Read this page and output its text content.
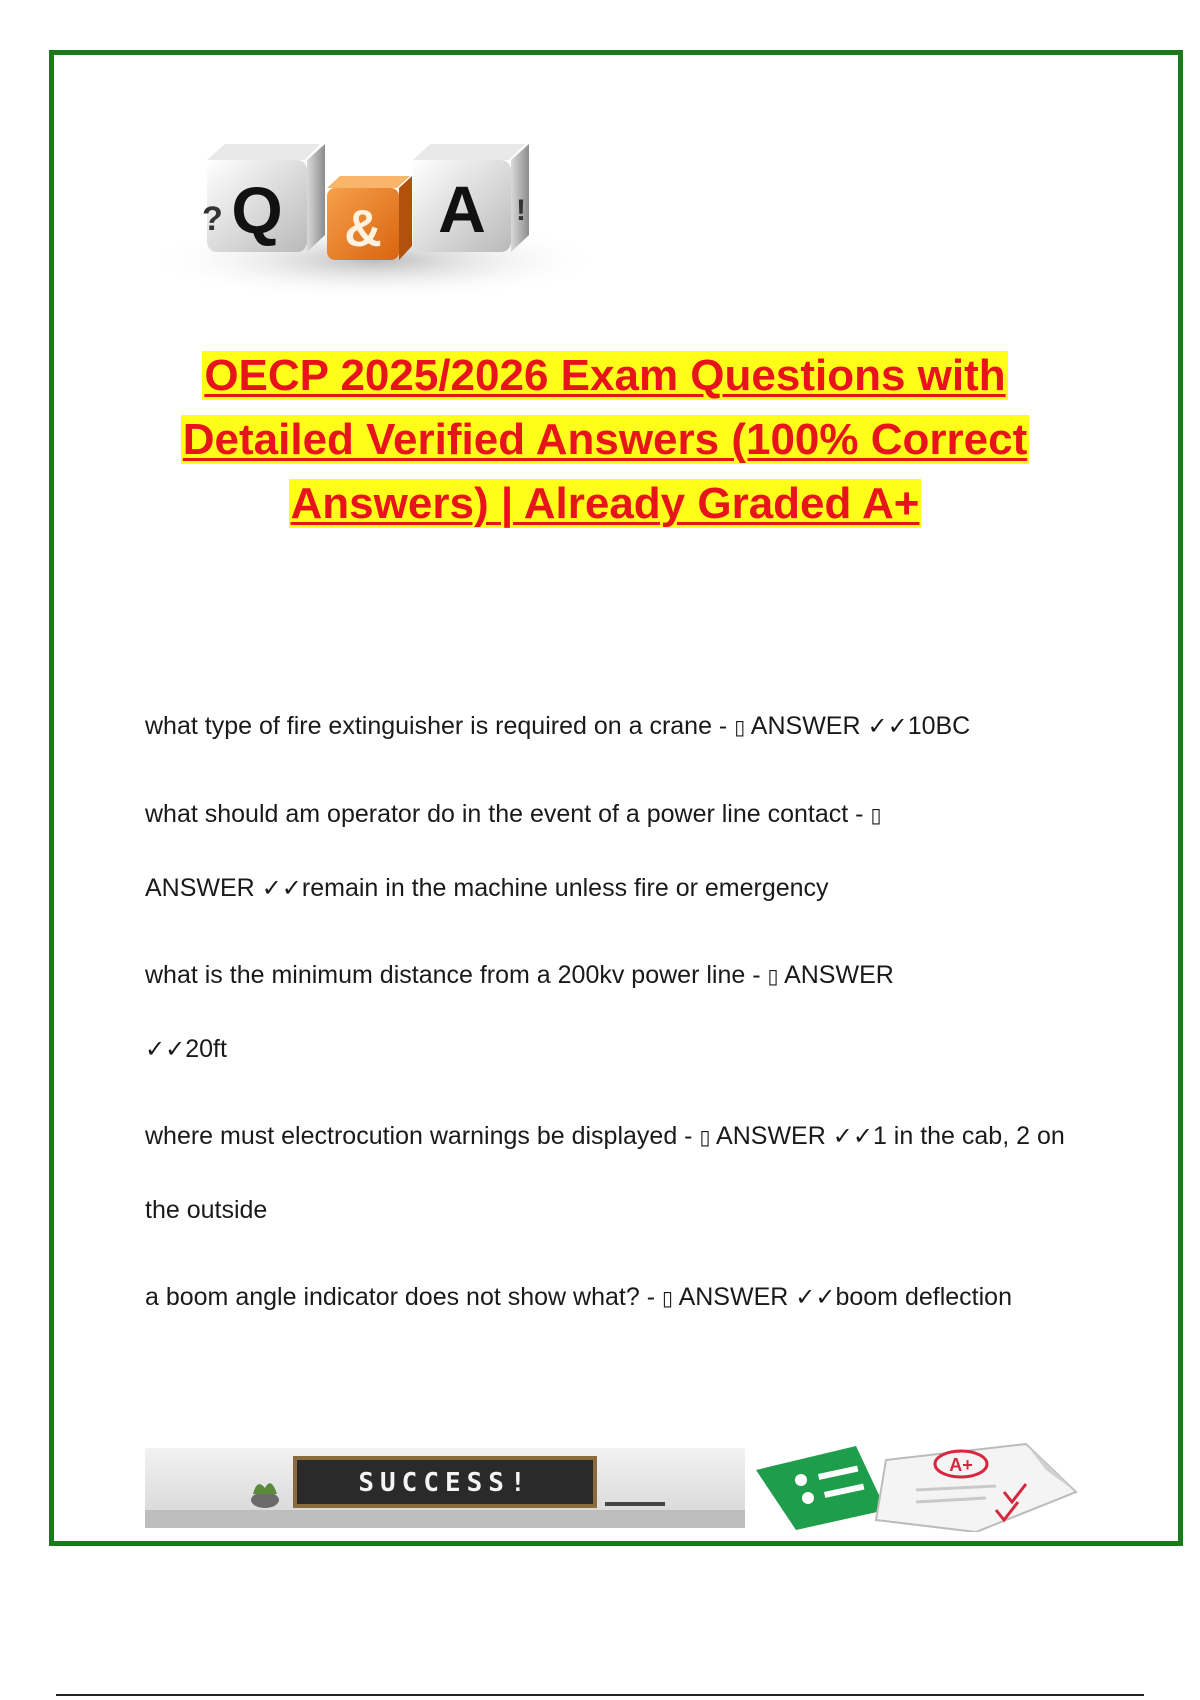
Q
? & A !
OECP 2025/2026 Exam Questions with
Detailed Verified Answers (100% Correct
Answers) | Already Graded A+
what type of fire extinguisher is required on a crane - ▯ ANSWER ✓✓10BC
what should am operator do in the event of a power line contact - ▯
ANSWER ✓✓remain in the machine unless fire or emergency
what is the minimum distance from a 200kv power line - ▯ ANSWER
✓✓20ft
where must electrocution warnings be displayed - ▯ ANSWER ✓✓1 in the cab, 2 on the outside
a boom angle indicator does not show what? - ▯ ANSWER ✓✓boom deflection
SUCCESS!
A+
